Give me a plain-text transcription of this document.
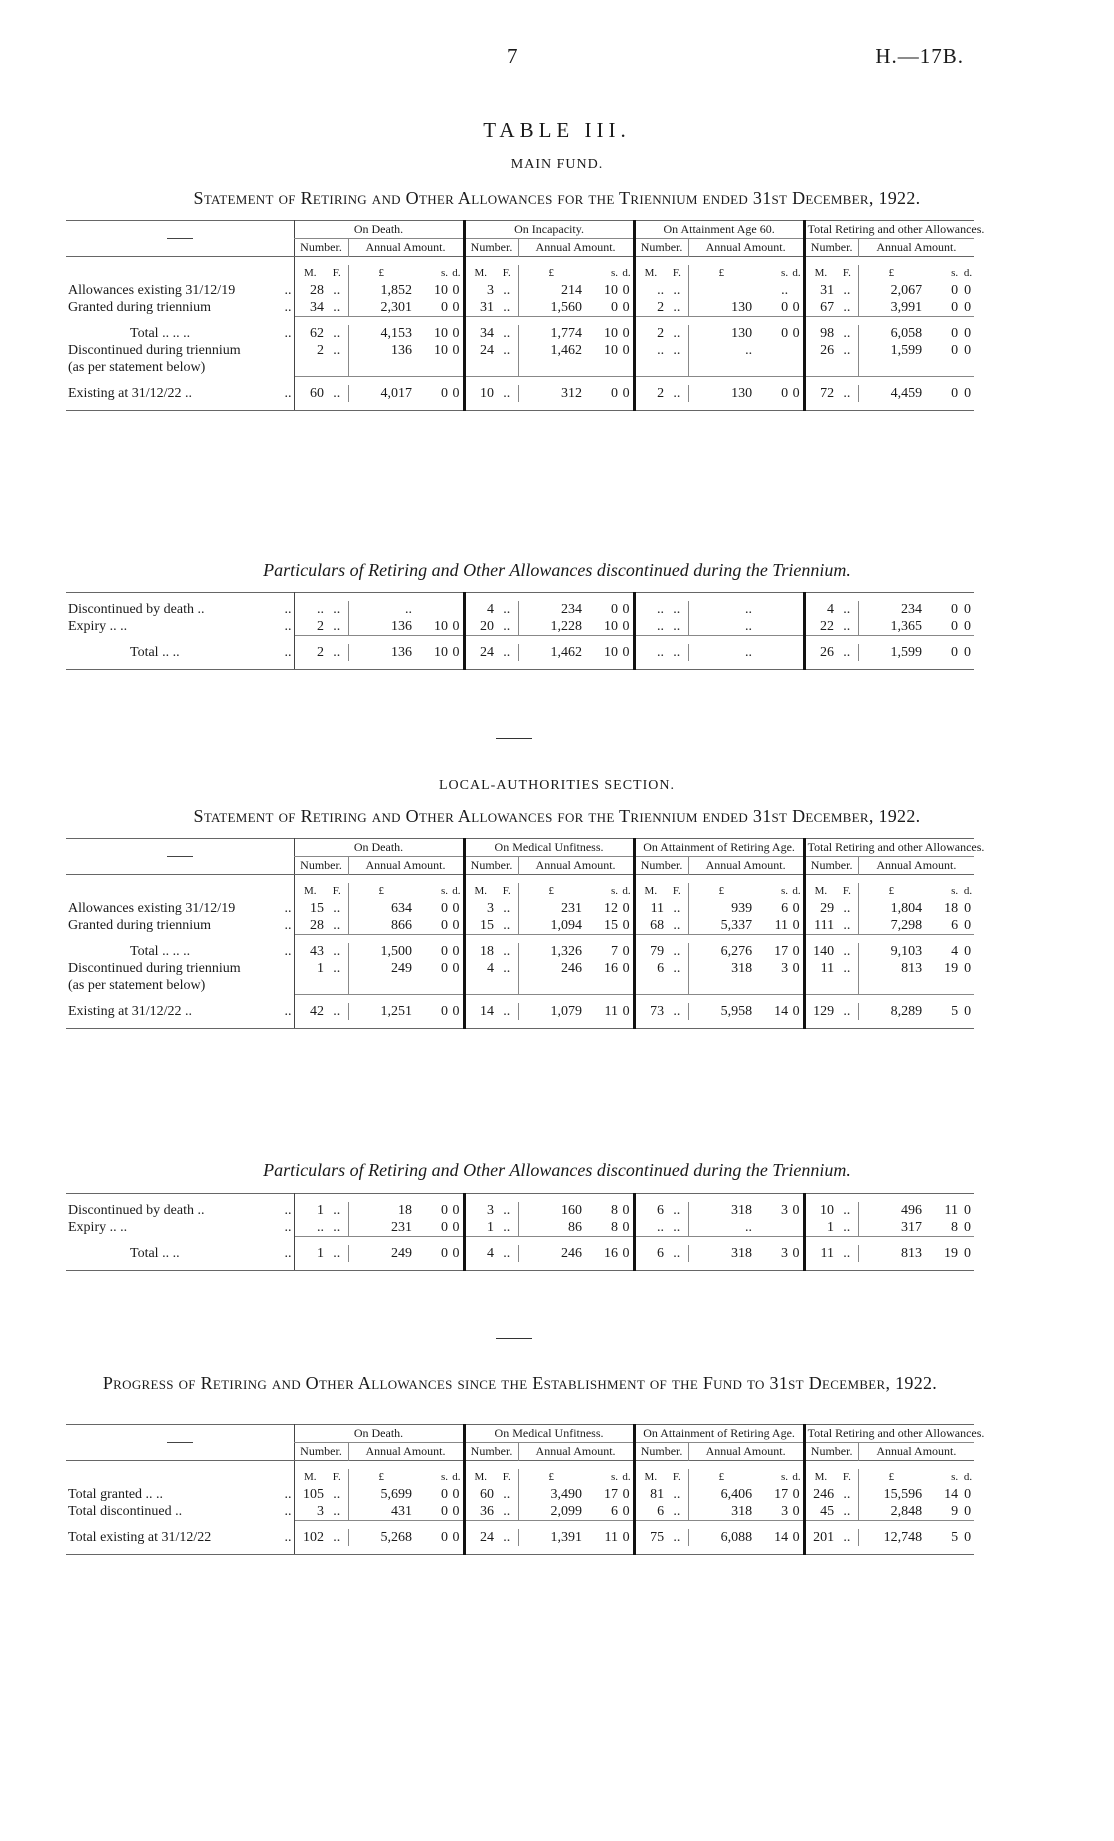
7	H.—17B.
TABLE III.
MAIN FUND.
Statement of Retiring and Other Allowances for the Triennium ended 31st December, 1922.
		On Death.					On Incapacity.					On Attainment Age 60.					Total Retiring and other Allowances.				
		Number.		Annual Amount.			Number.		Annual Amount.			Number.		Annual Amount.			Number.		Annual Amount.		

		M.	F.	£	s.	d.	M.	F.	£	s.	d.	M.	F.	£	s.	d.	M.	F.	£	s.	d.
Allowances existing 31/12/19	..	28	..	1,852	10	0	3	..	214	10	0	..	..		..		31	..	2,067	0	0
Granted during triennium	..	34	..	2,301	0	0	31	..	1,560	0	0	2	..	130	0	0	67	..	3,991	0	0

Total .. .. ..	..	62	..	4,153	10	0	34	..	1,774	10	0	2	..	130	0	0	98	..	6,058	0	0
Discontinued during triennium (as per statement below)		2	..	136	10	0	24	..	1,462	10	0	..	..	..			26	..	1,599	0	0

Existing at 31/12/22 ..	..	60	..	4,017	0	0	10	..	312	0	0	2	..	130	0	0	72	..	4,459	0	0

Particulars of Retiring and Other Allowances discontinued during the Triennium.

Discontinued by death ..	..	..	..	..			4	..	234	0	0	..	..	..			4	..	234	0	0
Expiry .. ..	..	2	..	136	10	0	20	..	1,228	10	0	..	..	..			22	..	1,365	0	0

Total .. ..	..	2	..	136	10	0	24	..	1,462	10	0	..	..	..			26	..	1,599	0	0

LOCAL-AUTHORITIES SECTION.
Statement of Retiring and Other Allowances for the Triennium ended 31st December, 1922.
		On Death.					On Medical Unfitness.					On Attainment of Retiring Age.					Total Retiring and other Allowances.				
		Number.		Annual Amount.			Number.		Annual Amount.			Number.		Annual Amount.			Number.		Annual Amount.		

		M.	F.	£	s.	d.	M.	F.	£	s.	d.	M.	F.	£	s.	d.	M.	F.	£	s.	d.
Allowances existing 31/12/19	..	15	..	634	0	0	3	..	231	12	0	11	..	939	6	0	29	..	1,804	18	0
Granted during triennium	..	28	..	866	0	0	15	..	1,094	15	0	68	..	5,337	11	0	111	..	7,298	6	0

Total .. .. ..	..	43	..	1,500	0	0	18	..	1,326	7	0	79	..	6,276	17	0	140	..	9,103	4	0
Discontinued during triennium (as per statement below)		1	..	249	0	0	4	..	246	16	0	6	..	318	3	0	11	..	813	19	0

Existing at 31/12/22 ..	..	42	..	1,251	0	0	14	..	1,079	11	0	73	..	5,958	14	0	129	..	8,289	5	0

Particulars of Retiring and Other Allowances discontinued during the Triennium.

Discontinued by death ..	..	1	..	18	0	0	3	..	160	8	0	6	..	318	3	0	10	..	496	11	0
Expiry .. ..	..	..	..	231	0	0	1	..	86	8	0	..	..	..			1	..	317	8	0

Total .. ..	..	1	..	249	0	0	4	..	246	16	0	6	..	318	3	0	11	..	813	19	0

Progress of Retiring and Other Allowances since the Establishment of the Fund to 31st December, 1922.
		On Death.					On Medical Unfitness.					On Attainment of Retiring Age.					Total Retiring and other Allowances.				
		Number.		Annual Amount.			Number.		Annual Amount.			Number.		Annual Amount.			Number.		Annual Amount.		

		M.	F.	£	s.	d.	M.	F.	£	s.	d.	M.	F.	£	s.	d.	M.	F.	£	s.	d.
Total granted .. ..	..	105	..	5,699	0	0	60	..	3,490	17	0	81	..	6,406	17	0	246	..	15,596	14	0
Total discontinued ..	..	3	..	431	0	0	36	..	2,099	6	0	6	..	318	3	0	45	..	2,848	9	0

Total existing at 31/12/22	..	102	..	5,268	0	0	24	..	1,391	11	0	75	..	6,088	14	0	201	..	12,748	5	0
